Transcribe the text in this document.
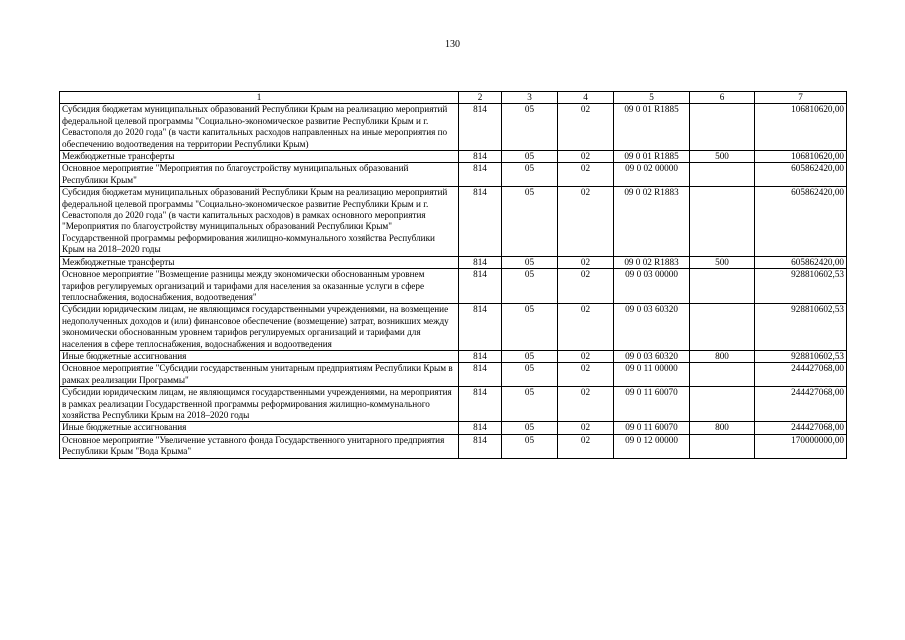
130
1	2	3	4	5	6	7
Субсидия бюджетам муниципальных образований Республики Крым на реализацию мероприятий федеральной целевой программы "Социально-экономическое развитие Республики Крым и г. Севастополя до 2020 года" (в части капитальных расходов направленных на иные мероприятия по обеспечению водоотведения на территории Республики Крым)	814	05	02	09 0 01 R1885		106810620,00
Межбюджетные трансферты	814	05	02	09 0 01 R1885	500	106810620,00
Основное мероприятие "Мероприятия по благоустройству муниципальных образований Республики Крым"	814	05	02	09 0 02 00000		605862420,00
Субсидия бюджетам муниципальных образований Республики Крым на реализацию мероприятий федеральной целевой программы "Социально-экономическое развитие Республики Крым и г. Севастополя до 2020 года" (в части капитальных расходов) в рамках основного мероприятия "Мероприятия по благоустройству муниципальных образований Республики Крым" Государственной программы реформирования жилищно-коммунального хозяйства Республики Крым на 2018–2020 годы	814	05	02	09 0 02 R1883		605862420,00
Межбюджетные трансферты	814	05	02	09 0 02 R1883	500	605862420,00
Основное мероприятие "Возмещение разницы между экономически обоснованным уровнем тарифов регулируемых организаций и тарифами для населения за оказанные услуги в сфере теплоснабжения, водоснабжения, водоотведения"	814	05	02	09 0 03 00000		928810602,53
Субсидии юридическим лицам, не являющимся государственными учреждениями, на возмещение недополученных доходов и (или) финансовое обеспечение (возмещение) затрат, возникших между экономически обоснованным уровнем тарифов регулируемых организаций и тарифами для населения в сфере теплоснабжения, водоснабжения и водоотведения	814	05	02	09 0 03 60320		928810602,53
Иные бюджетные ассигнования	814	05	02	09 0 03 60320	800	928810602,53
Основное мероприятие "Субсидии государственным унитарным предприятиям Республики Крым в рамках реализации Программы"	814	05	02	09 0 11 00000		244427068,00
Субсидии юридическим лицам, не являющимся государственными учреждениями, на мероприятия в рамках реализации Государственной программы реформирования жилищно-коммунального хозяйства Республики Крым на 2018–2020 годы	814	05	02	09 0 11 60070		244427068,00
Иные бюджетные ассигнования	814	05	02	09 0 11 60070	800	244427068,00
Основное мероприятие "Увеличение уставного фонда Государственного унитарного предприятия Республики Крым "Вода Крыма"	814	05	02	09 0 12 00000		170000000,00
